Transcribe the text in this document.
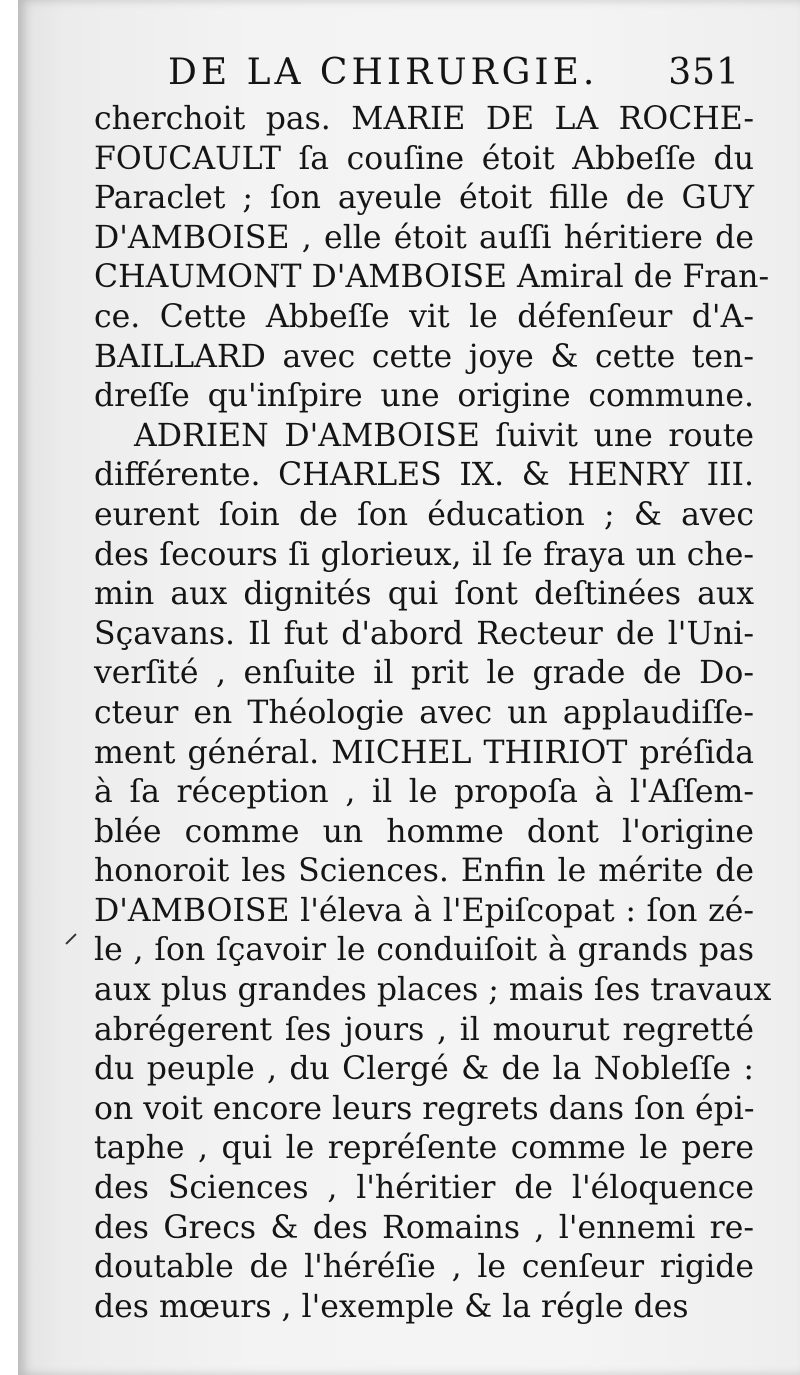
DE LA CHIRURGIE. 351
cherchoit pas. MARIE DE LA ROCHE-
FOUCAULT ſa couſine étoit Abbeſſe du
Paraclet ; ſon ayeule étoit fille de GUY
D'AMBOISE , elle étoit auſſi héritiere de
CHAUMONT D'AMBOISE Amiral de Fran-
ce. Cette Abbeſſe vit le défenſeur d'A-
BAILLARD avec cette joye & cette ten-
dreſſe qu'inſpire une origine commune.
ADRIEN D'AMBOISE ſuivit une route
différente. CHARLES IX. & HENRY III.
eurent ſoin de ſon éducation ; & avec
des ſecours ſi glorieux, il ſe fraya un che-
min aux dignités qui ſont deſtinées aux
Sçavans. Il fut d'abord Recteur de l'Uni-
verſité , enſuite il prit le grade de Do-
cteur en Théologie avec un applaudiſſe-
ment général. MICHEL THIRIOT préſida
à ſa réception , il le propoſa à l'Aſſem-
blée comme un homme dont l'origine
honoroit les Sciences. Enfin le mérite de
D'AMBOISE l'éleva à l'Epiſcopat : ſon zé-
le , ſon ſçavoir le conduiſoit à grands pas
aux plus grandes places ; mais ſes travaux
abrégerent ſes jours , il mourut regretté
du peuple , du Clergé & de la Nobleſſe :
on voit encore leurs regrets dans ſon épi-
taphe , qui le repréſente comme le pere
des Sciences , l'héritier de l'éloquence
des Grecs & des Romains , l'ennemi re-
doutable de l'héréſie , le cenſeur rigide
des mœurs , l'exemple & la régle des
